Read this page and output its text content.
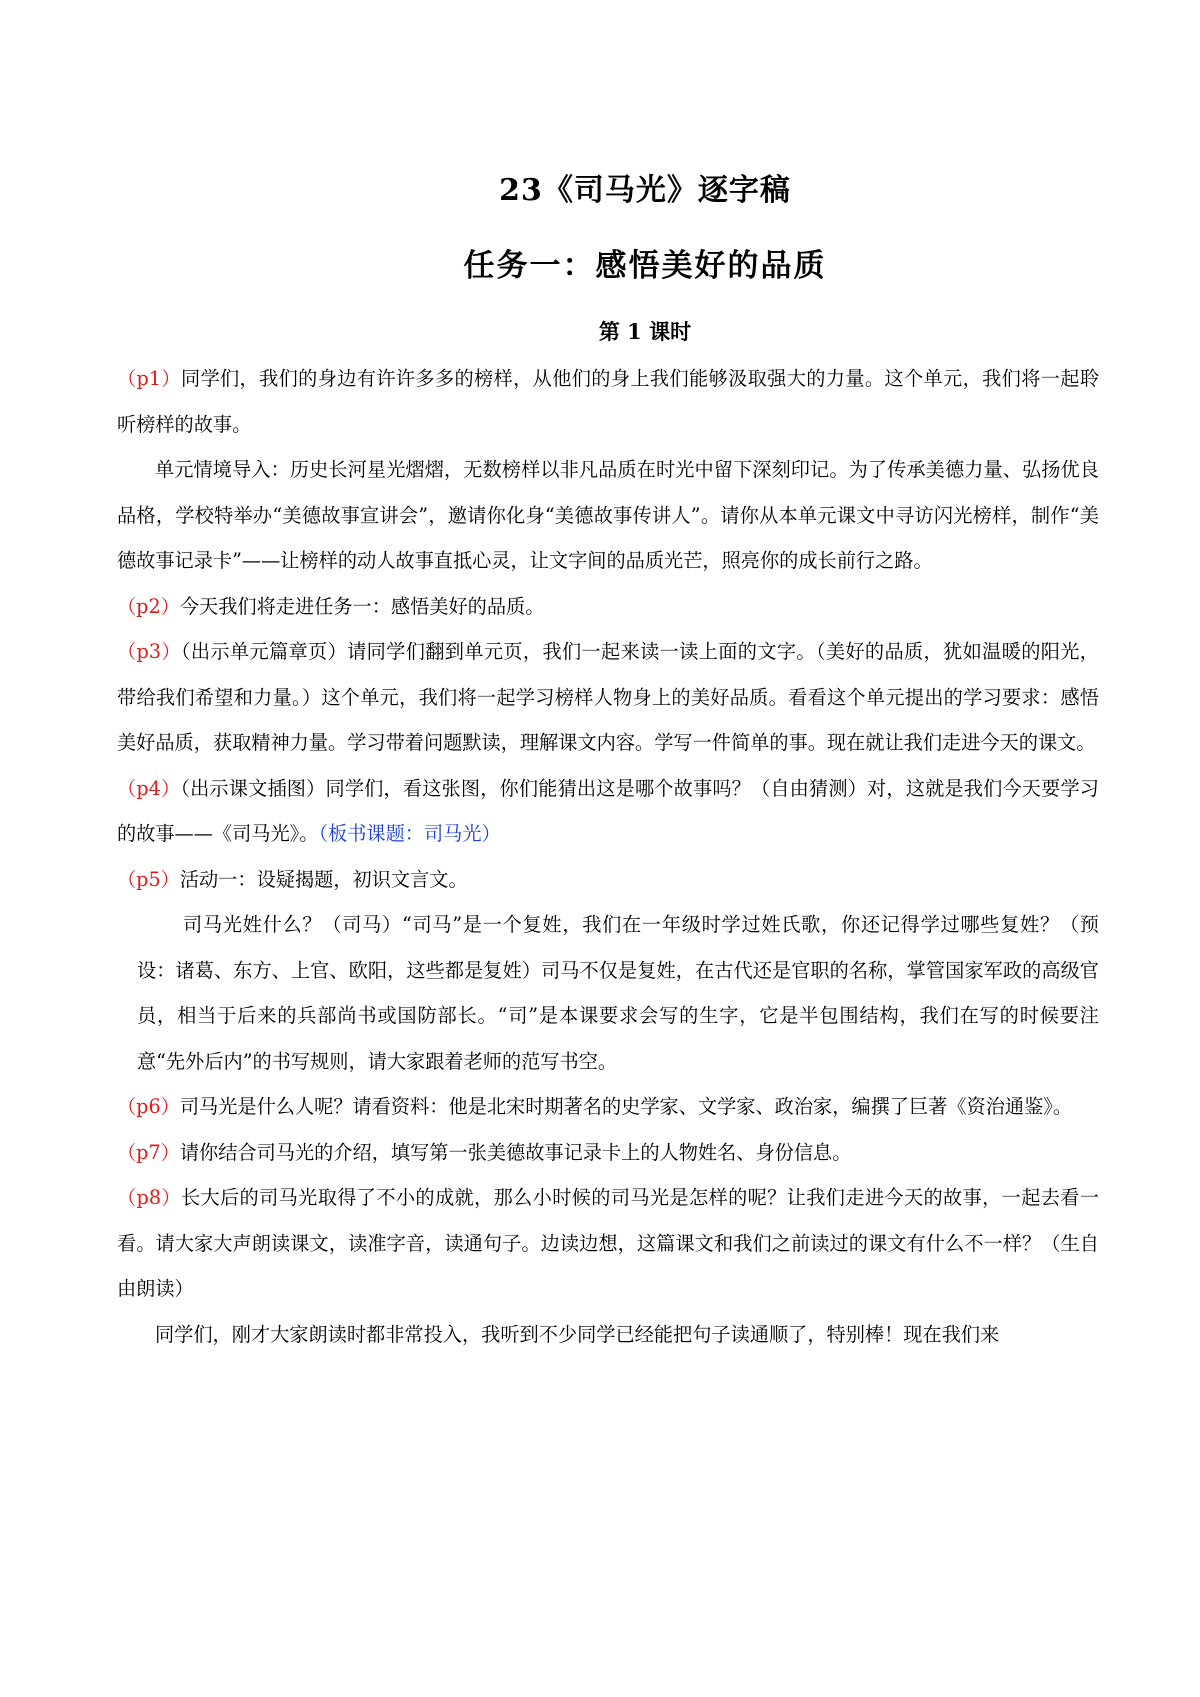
23《司马光》逐字稿
任务一：感悟美好的品质
第 1 课时

（p1）同学们，我们的身边有许许多多的榜样，从他们的身上我们能够汲取强大的力量。这个单元，我们将一起聆听榜样的故事。

单元情境导入：历史长河星光熠熠，无数榜样以非凡品质在时光中留下深刻印记。为了传承美德力量、弘扬优良品格，学校特举办“美德故事宣讲会”，邀请你化身“美德故事传讲人”。请你从本单元课文中寻访闪光榜样，制作“美德故事记录卡”——让榜样的动人故事直抵心灵，让文字间的品质光芒，照亮你的成长前行之路。

（p2）今天我们将走进任务一：感悟美好的品质。

（p3）（出示单元篇章页）请同学们翻到单元页，我们一起来读一读上面的文字。（美好的品质，犹如温暖的阳光，带给我们希望和力量。）这个单元，我们将一起学习榜样人物身上的美好品质。看看这个单元提出的学习要求：感悟美好品质，获取精神力量。学习带着问题默读，理解课文内容。学写一件简单的事。现在就让我们走进今天的课文。

（p4）（出示课文插图）同学们，看这张图，你们能猜出这是哪个故事吗？（自由猜测）对，这就是我们今天要学习的故事——《司马光》。（板书课题：司马光）

（p5）活动一：设疑揭题，初识文言文。

司马光姓什么？（司马）“司马”是一个复姓，我们在一年级时学过姓氏歌，你还记得学过哪些复姓？（预设：诸葛、东方、上官、欧阳，这些都是复姓）司马不仅是复姓，在古代还是官职的名称，掌管国家军政的高级官员，相当于后来的兵部尚书或国防部长。“司”是本课要求会写的生字，它是半包围结构，我们在写的时候要注意“先外后内”的书写规则，请大家跟着老师的范写书空。

（p6）司马光是什么人呢？请看资料：他是北宋时期著名的史学家、文学家、政治家，编撰了巨著《资治通鉴》。

（p7）请你结合司马光的介绍，填写第一张美德故事记录卡上的人物姓名、身份信息。

（p8）长大后的司马光取得了不小的成就，那么小时候的司马光是怎样的呢？让我们走进今天的故事，一起去看一看。请大家大声朗读课文，读准字音，读通句子。边读边想，这篇课文和我们之前读过的课文有什么不一样？（生自由朗读）

同学们，刚才大家朗读时都非常投入，我听到不少同学已经能把句子读通顺了，特别棒！现在我们来
